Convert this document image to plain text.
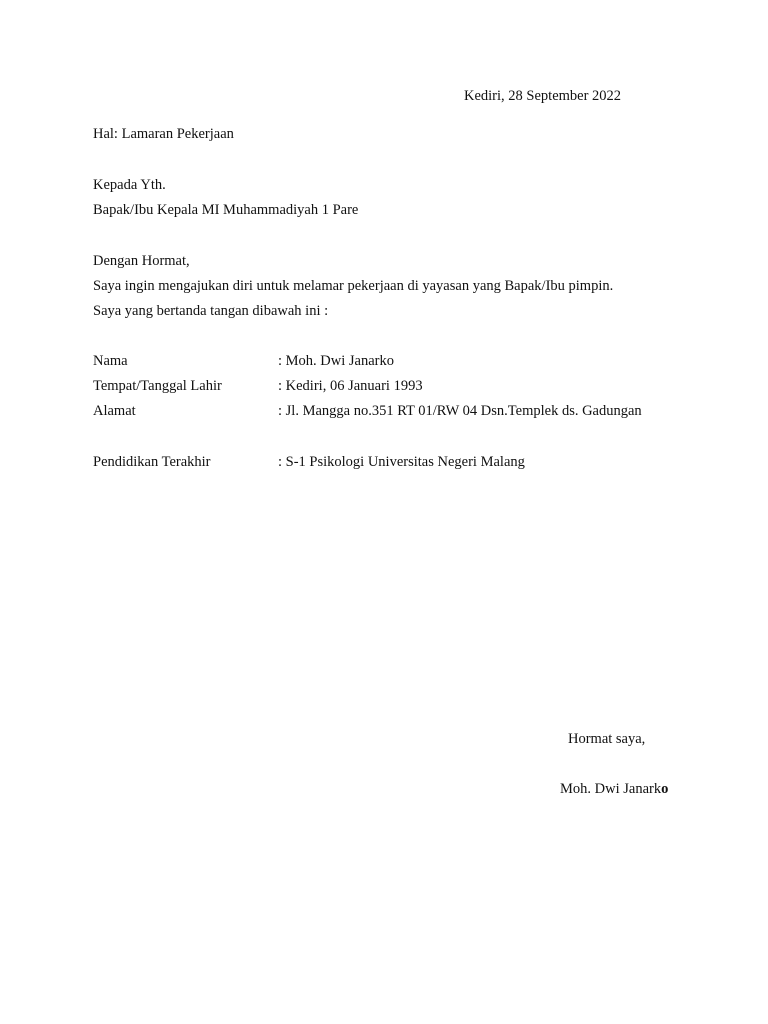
Kediri, 28 September 2022
Hal: Lamaran Pekerjaan
Kepada Yth.
Bapak/Ibu Kepala MI Muhammadiyah 1 Pare
Dengan Hormat,
Saya ingin mengajukan diri untuk melamar pekerjaan di yayasan yang Bapak/Ibu pimpin.
Saya yang bertanda tangan dibawah ini :
Nama	: Moh. Dwi Janarko
Tempat/Tanggal Lahir	: Kediri, 06 Januari 1993
Alamat	: Jl. Mangga no.351 RT 01/RW 04 Dsn.Templek ds. Gadungan
Pendidikan Terakhir	: S-1 Psikologi Universitas Negeri Malang
Hormat saya,
Moh. Dwi Janarko
